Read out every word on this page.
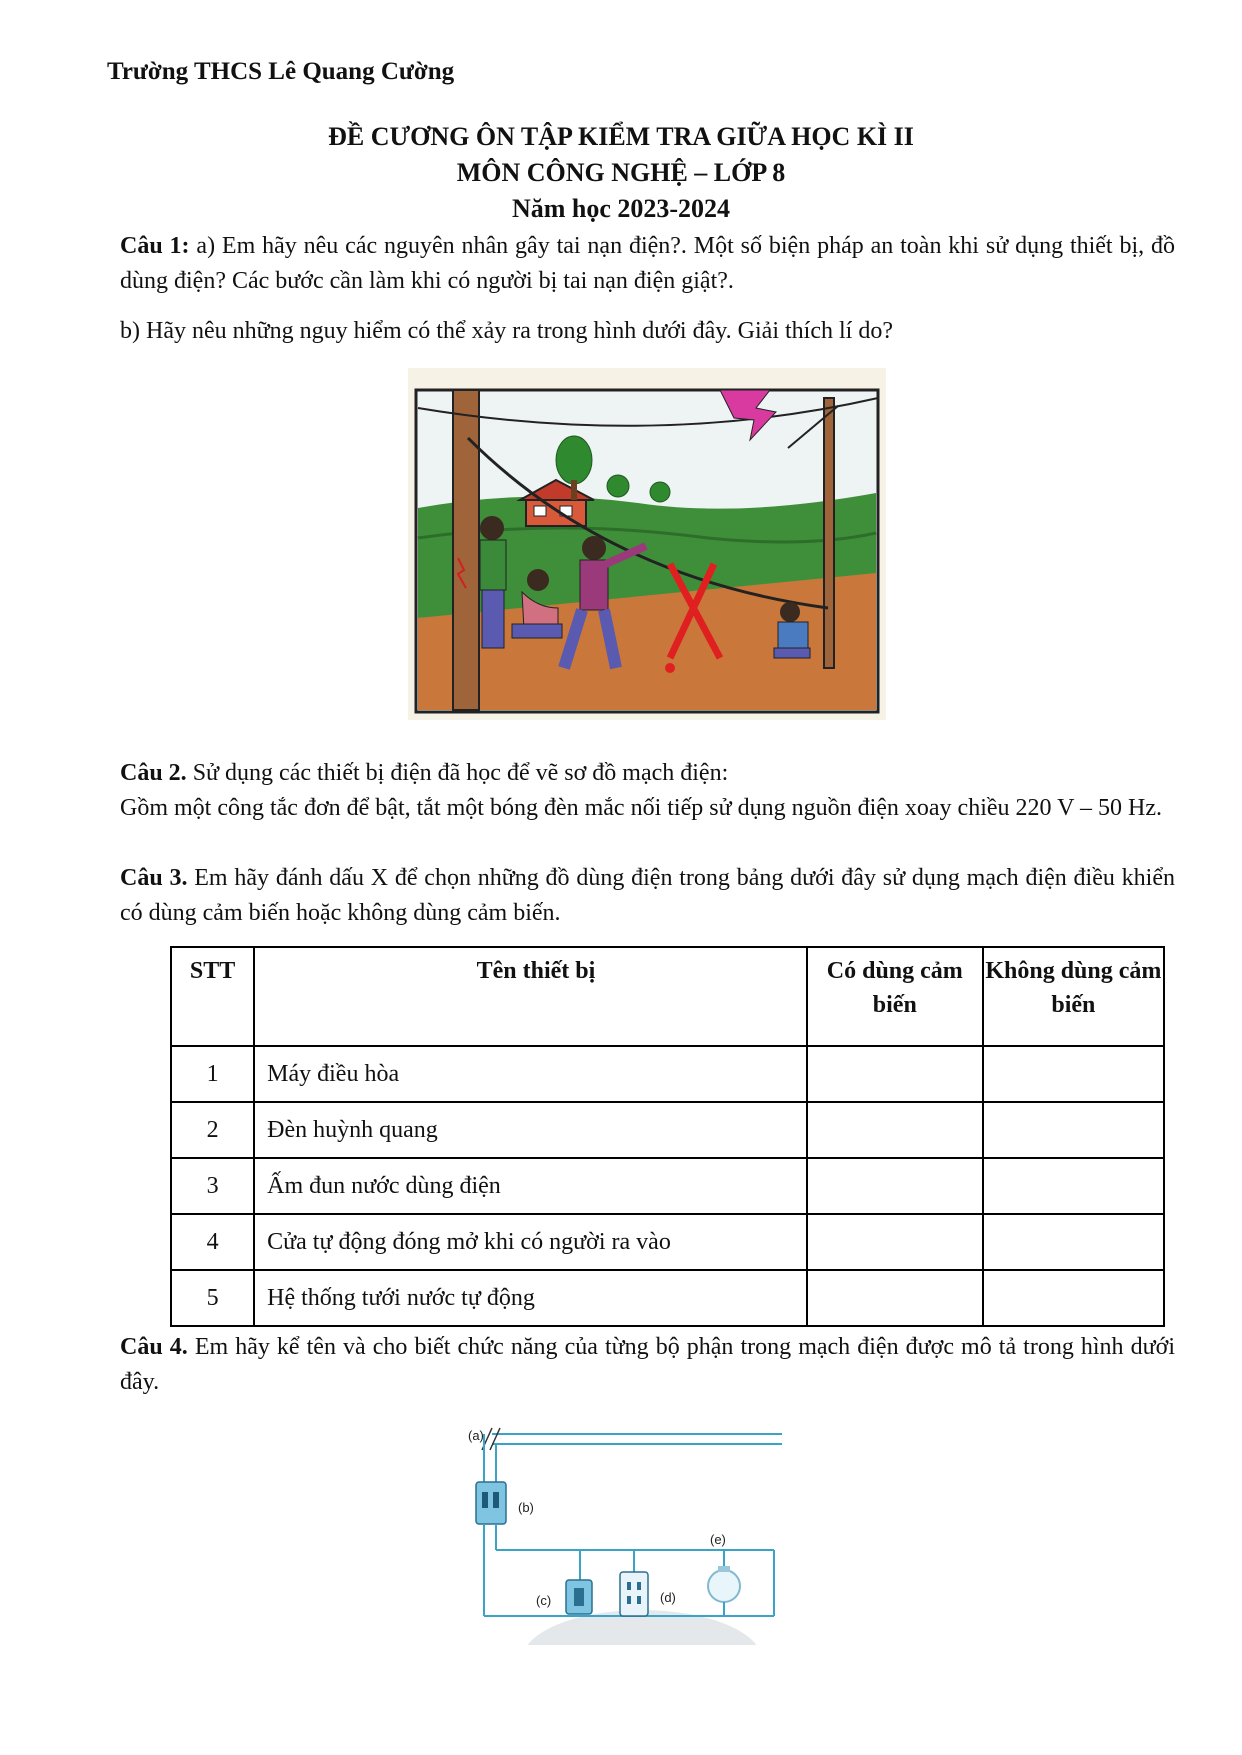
Trường THCS Lê Quang Cường
ĐỀ CƯƠNG ÔN TẬP KIỂM TRA GIỮA HỌC KÌ II
MÔN CÔNG NGHỆ – LỚP 8
Năm học 2023-2024
Câu 1: a) Em hãy nêu các nguyên nhân gây tai nạn điện?. Một số biện pháp an toàn khi sử dụng thiết bị, đồ dùng điện? Các bước cần làm khi có người bị tai nạn điện giật?.
b) Hãy nêu những nguy hiểm có thể xảy ra trong hình dưới đây. Giải thích lí do?
Câu 2. Sử dụng các thiết bị điện đã học để vẽ sơ đồ mạch điện:
Gồm một công tắc đơn để bật, tắt một bóng đèn mắc nối tiếp sử dụng nguồn điện xoay chiều 220 V – 50 Hz.
Câu 3. Em hãy đánh dấu X để chọn những đồ dùng điện trong bảng dưới đây sử dụng mạch điện điều khiển có dùng cảm biến hoặc không dùng cảm biến.
STT	Tên thiết bị	Có dùng cảm biến	Không dùng cảm biến
1	Máy điều hòa		
2	Đèn huỳnh quang		
3	Ấm đun nước dùng điện		
4	Cửa tự động đóng mở khi có người ra vào		
5	Hệ thống tưới nước tự động		
Câu 4. Em hãy kể tên và cho biết chức năng của từng bộ phận trong mạch điện được mô tả trong hình dưới đây.
(a)
(b)
(c)	(d)
(e)
